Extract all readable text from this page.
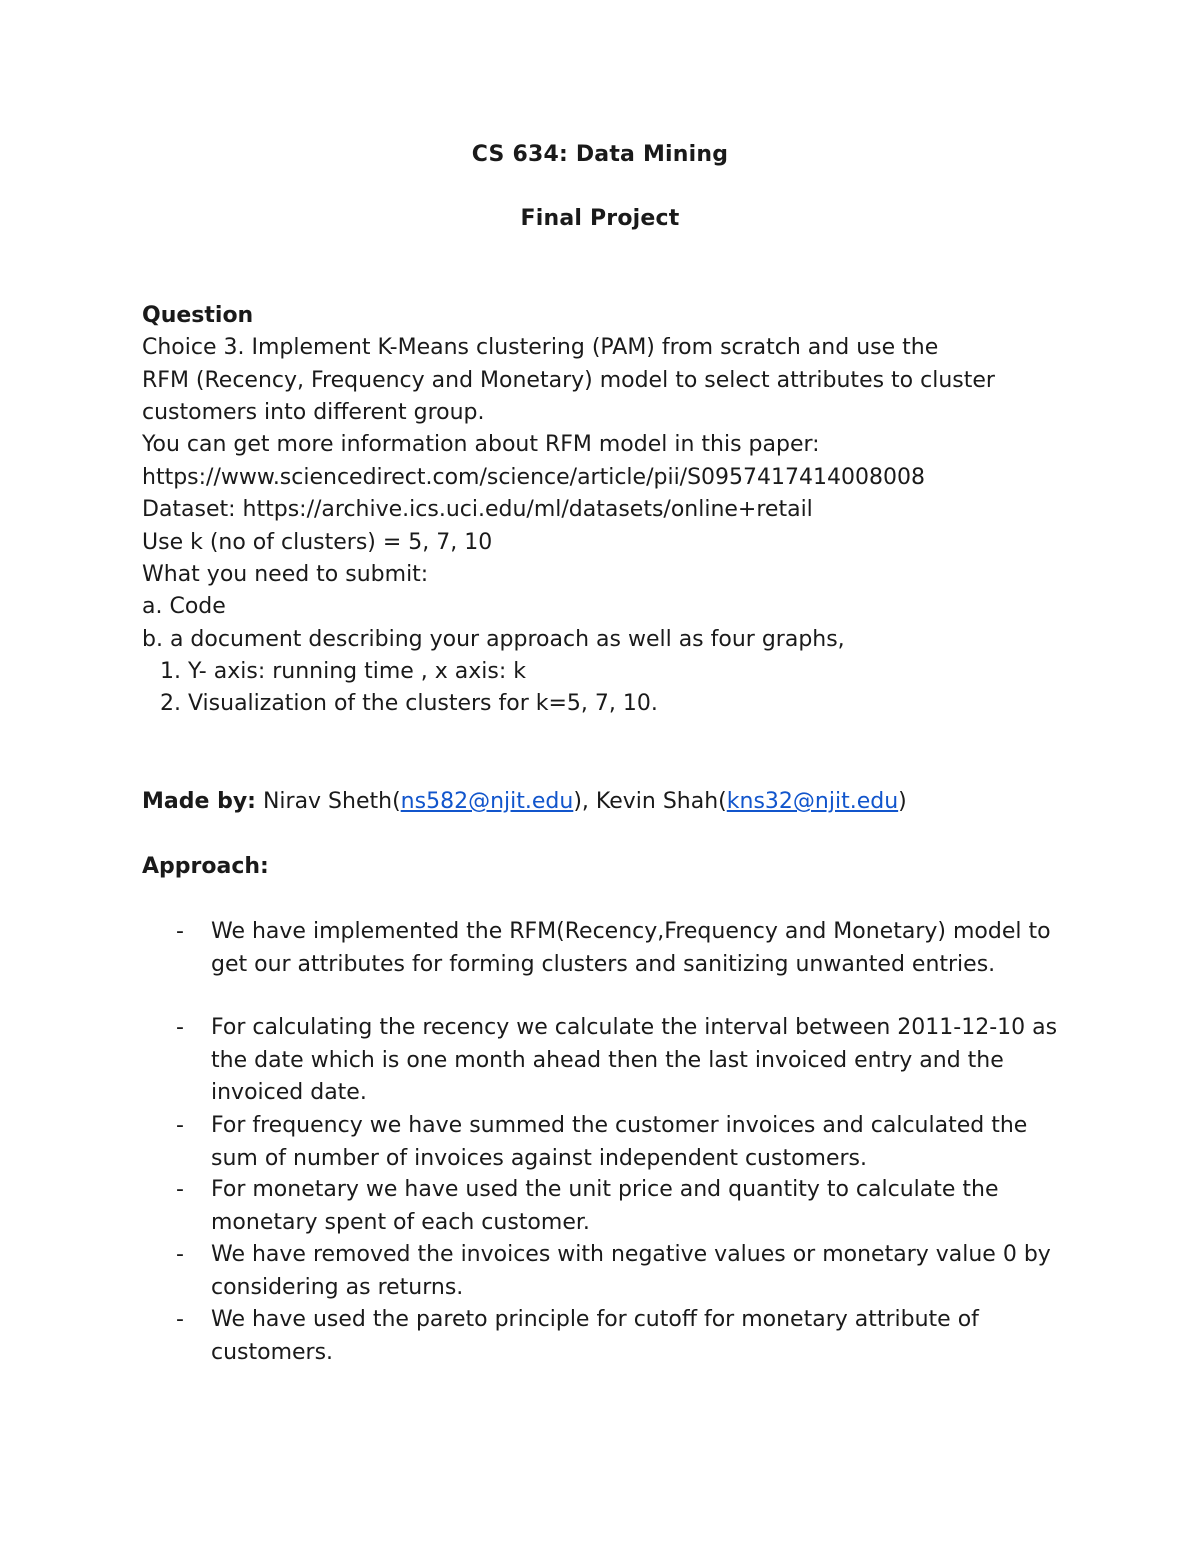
CS 634: Data Mining
Final Project
Question
Choice 3. Implement K-Means clustering (PAM) from scratch and use the
RFM (Recency, Frequency and Monetary) model to select attributes to cluster
customers into different group.
You can get more information about RFM model in this paper:
https://www.sciencedirect.com/science/article/pii/S0957417414008008
Dataset: https://archive.ics.uci.edu/ml/datasets/online+retail
Use k (no of clusters) = 5, 7, 10
What you need to submit:
a. Code
b. a document describing your approach as well as four graphs,
1. Y- axis: running time , x axis: k
2. Visualization of the clusters for k=5, 7, 10.
Made by: Nirav Sheth(ns582@njit.edu), Kevin Shah(kns32@njit.edu)
Approach:
- We have implemented the RFM(Recency,Frequency and Monetary) model to get our attributes for forming clusters and sanitizing unwanted entries.
- For calculating the recency we calculate the interval between 2011-12-10 as the date which is one month ahead then the last invoiced entry and the invoiced date.
- For frequency we have summed the customer invoices and calculated the sum of number of invoices against independent customers.
- For monetary we have used the unit price and quantity to calculate the monetary spent of each customer.
- We have removed the invoices with negative values or monetary value 0 by considering as returns.
- We have used the pareto principle for cutoff for monetary attribute of customers.
